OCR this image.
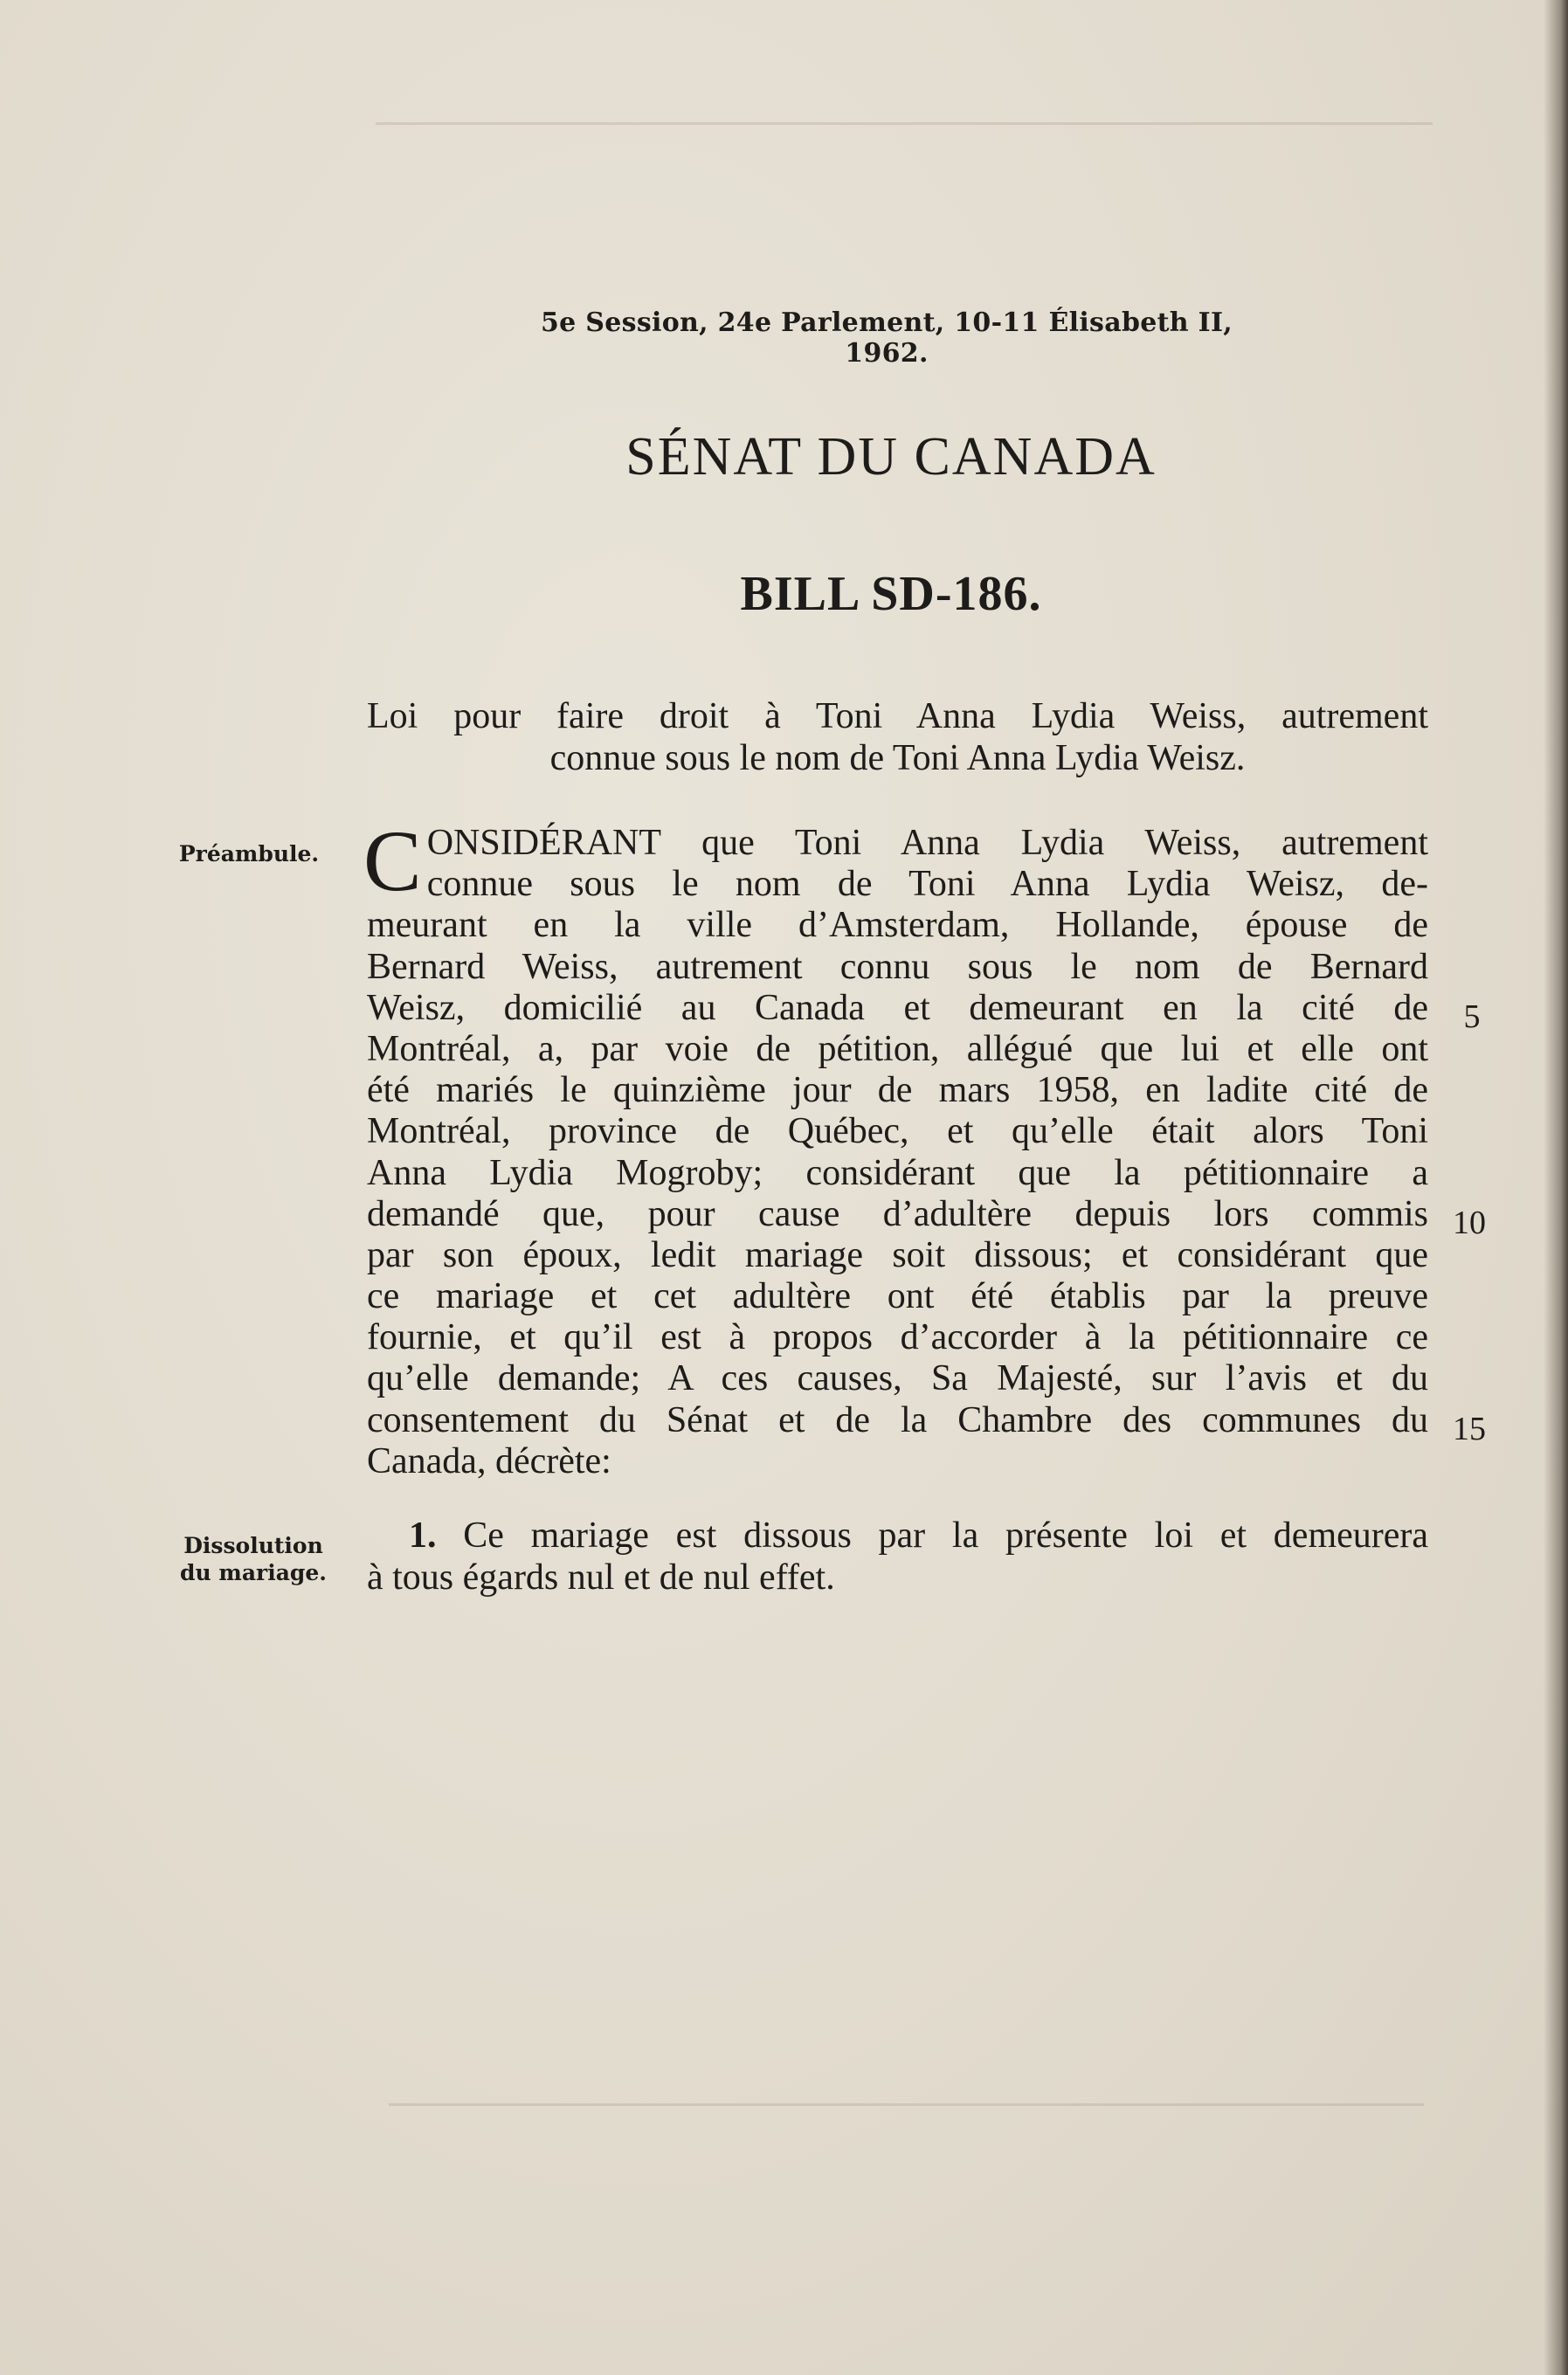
5e Session, 24e Parlement, 10-11 Élisabeth II, 1962.
SÉNAT DU CANADA
BILL SD-186.
Loi pour faire droit à Toni Anna Lydia Weiss, autrement
connue sous le nom de Toni Anna Lydia Weisz.
Préambule. C ONSIDÉRANT que Toni Anna Lydia Weiss, autrement
connue sous le nom de Toni Anna Lydia Weisz, de-
meurant en la ville d’Amsterdam, Hollande, épouse de
Bernard Weiss, autrement connu sous le nom de Bernard
Weisz, domicilié au Canada et demeurant en la cité de
Montréal, a, par voie de pétition, allégué que lui et elle ont
été mariés le quinzième jour de mars 1958, en ladite cité de
Montréal, province de Québec, et qu’elle était alors Toni
Anna Lydia Mogroby; considérant que la pétitionnaire a
demandé que, pour cause d’adultère depuis lors commis
par son époux, ledit mariage soit dissous; et considérant que
ce mariage et cet adultère ont été établis par la preuve
fournie, et qu’il est à propos d’accorder à la pétitionnaire ce
qu’elle demande; A ces causes, Sa Majesté, sur l’avis et du
consentement du Sénat et de la Chambre des communes du
Canada, décrète:
5
10
15
Dissolution
du mariage.
1. Ce mariage est dissous par la présente loi et demeurera
à tous égards nul et de nul effet.
